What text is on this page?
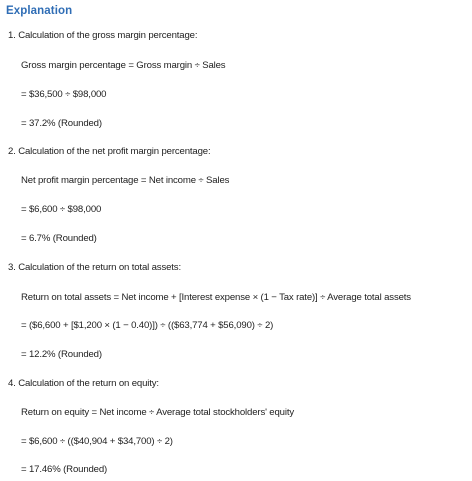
Explanation
1. Calculation of the gross margin percentage:
Gross margin percentage = Gross margin ÷ Sales
= $36,500 ÷ $98,000
= 37.2% (Rounded)
2. Calculation of the net profit margin percentage:
Net profit margin percentage = Net income ÷ Sales
= $6,600 ÷ $98,000
= 6.7% (Rounded)
3. Calculation of the return on total assets:
Return on total assets = Net income + [Interest expense × (1 − Tax rate)] ÷ Average total assets
= ($6,600 + [$1,200 × (1 − 0.40)]) ÷ (($63,774 + $56,090) ÷ 2)
= 12.2% (Rounded)
4. Calculation of the return on equity:
Return on equity = Net income ÷ Average total stockholders' equity
= $6,600 ÷ (($40,904 + $34,700) ÷ 2)
= 17.46% (Rounded)
